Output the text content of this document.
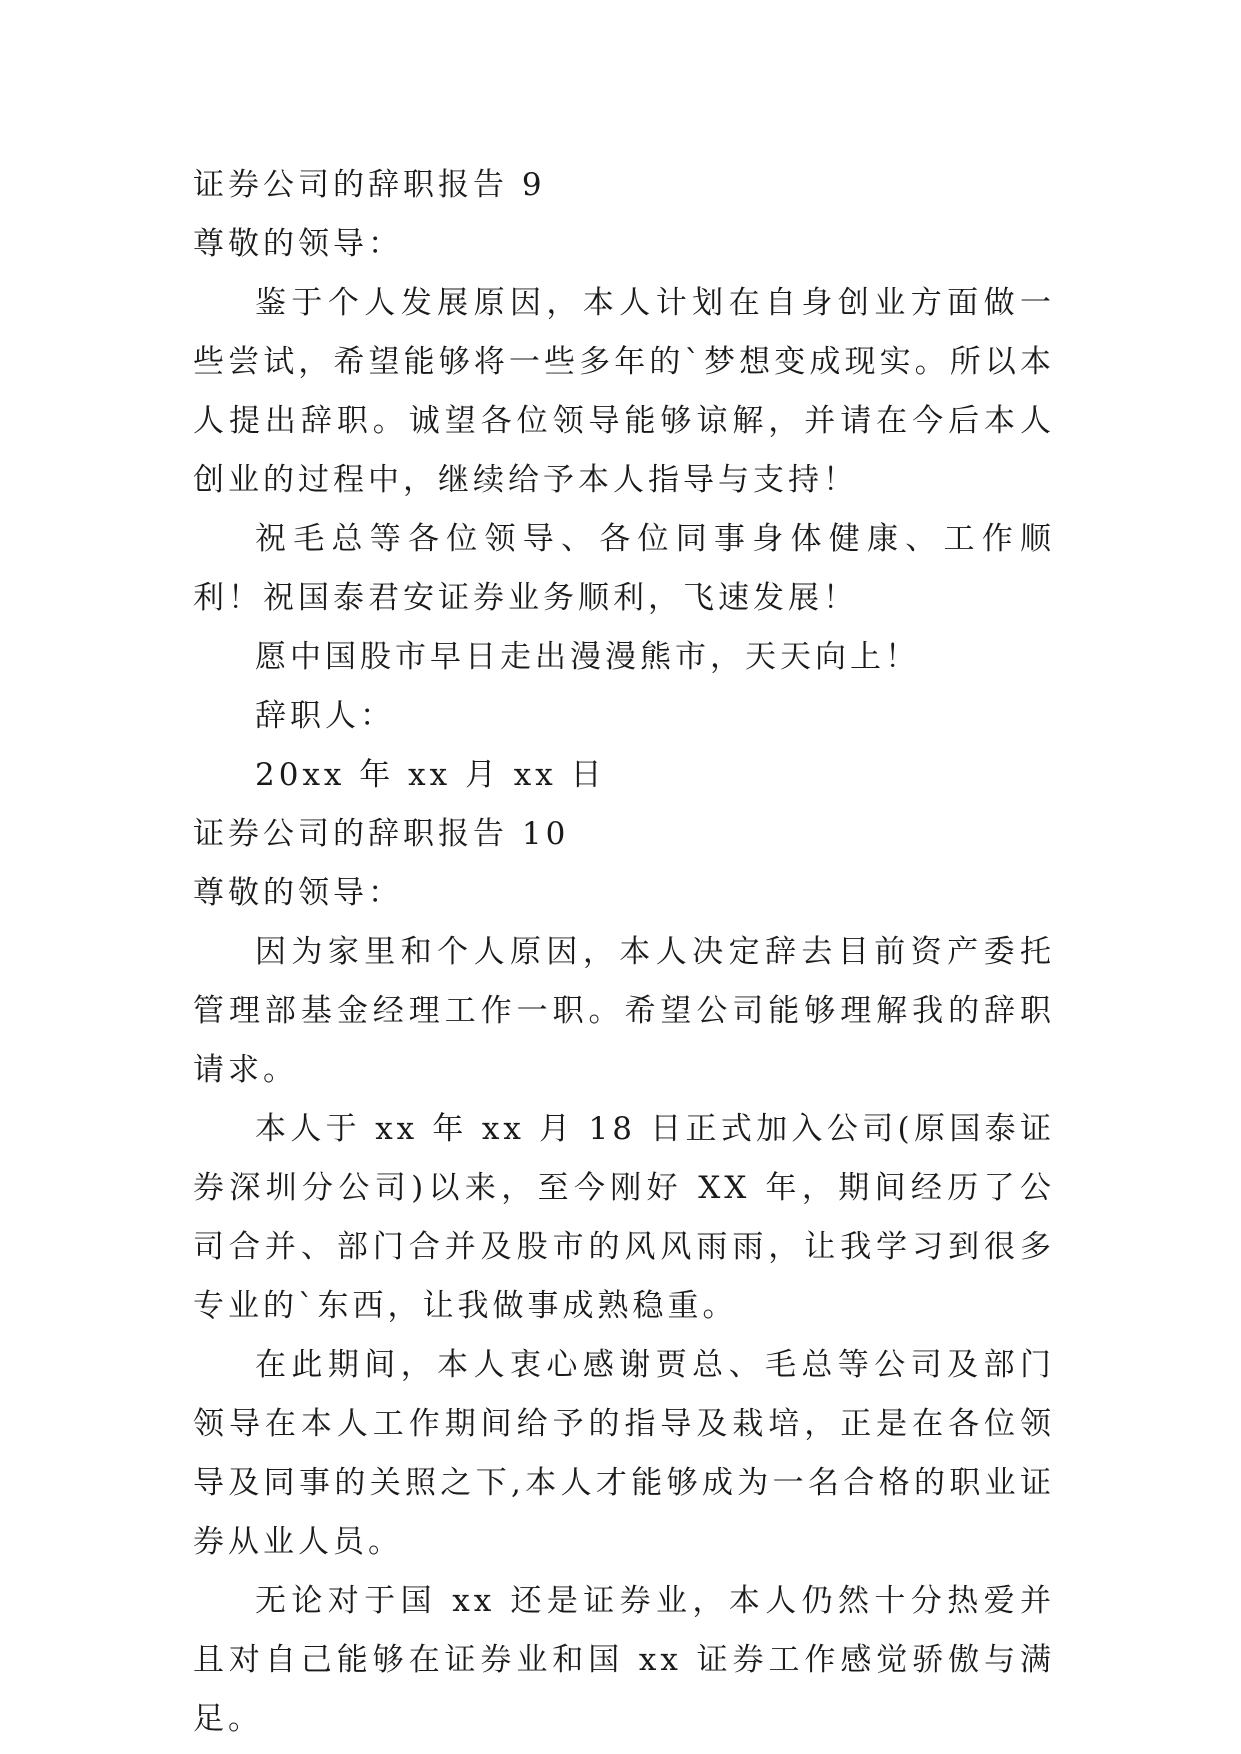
证券公司的辞职报告 9

尊敬的领导：

鉴于个人发展原因，本人计划在自身创业方面做一些尝试，希望能够将一些多年的`梦想变成现实。所以本人提出辞职。诚望各位领导能够谅解，并请在今后本人创业的过程中，继续给予本人指导与支持！

祝毛总等各位领导、各位同事身体健康、工作顺利！祝国泰君安证券业务顺利，飞速发展！

愿中国股市早日走出漫漫熊市，天天向上！

辞职人：

20xx 年 xx 月 xx 日

证券公司的辞职报告 10

尊敬的领导：

因为家里和个人原因，本人决定辞去目前资产委托管理部基金经理工作一职。希望公司能够理解我的辞职请求。

本人于 xx 年 xx 月 18 日正式加入公司(原国泰证券深圳分公司)以来，至今刚好 XX 年，期间经历了公司合并、部门合并及股市的风风雨雨，让我学习到很多专业的`东西，让我做事成熟稳重。

在此期间，本人衷心感谢贾总、毛总等公司及部门领导在本人工作期间给予的指导及栽培，正是在各位领导及同事的关照之下,本人才能够成为一名合格的职业证券从业人员。

无论对于国 xx 还是证券业，本人仍然十分热爱并且对自己能够在证券业和国 xx 证券工作感觉骄傲与满足。
